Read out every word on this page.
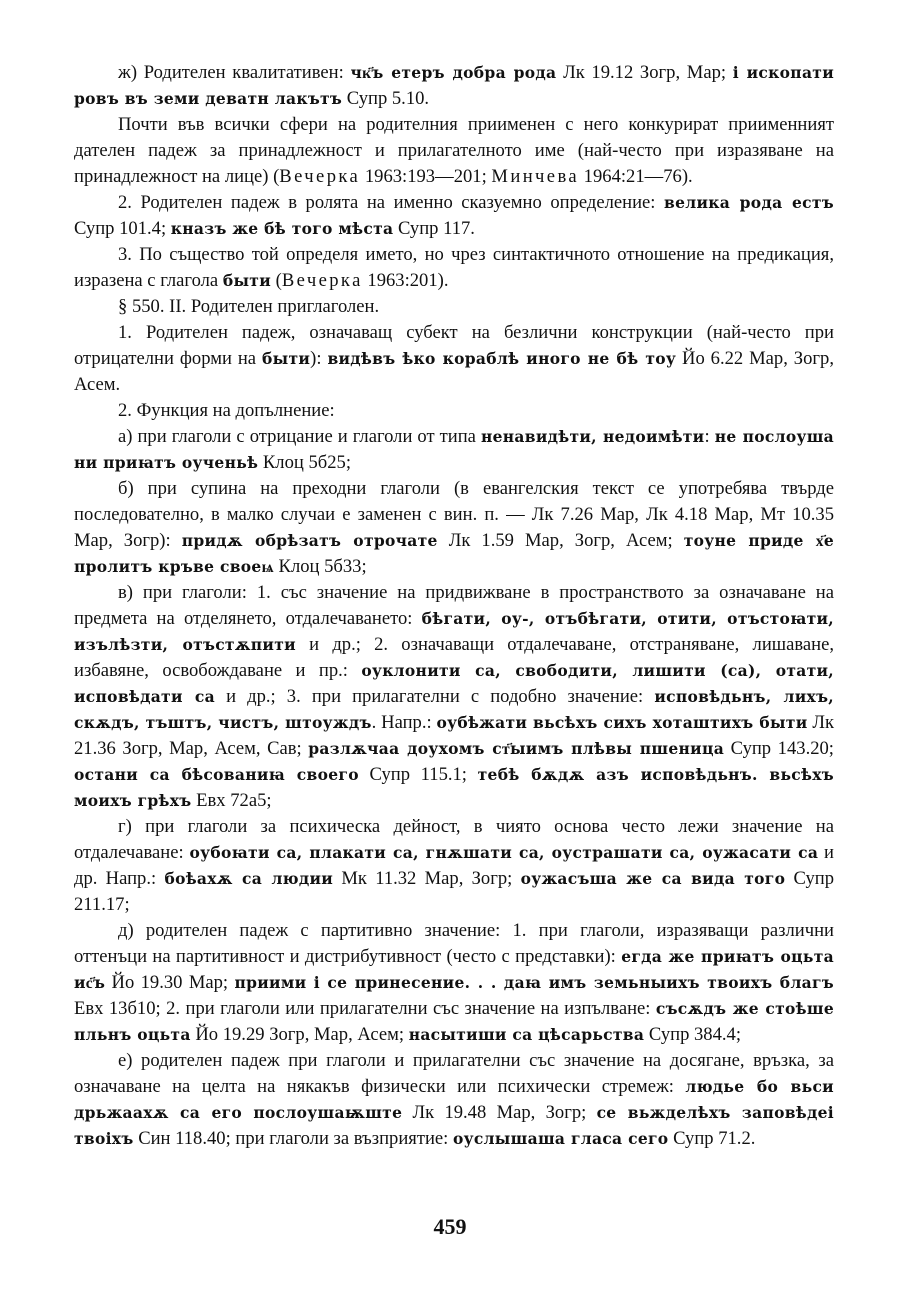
ж) Родителен квалитативен: чк҃ъ етеръ добра рода Лк 19.12 Зогр, Мар; і ископати ровъ въ земи деватн лакътъ Супр 5.10.

Почти във всички сфери на родителния приименен с него конкурират приименният дателен падеж за принадлежност и прилагателното име (най-често при изразяване на принадлежност на лице) (Вечерка 1963:193—201; Минчева 1964:21—76).

2. Родителен падеж в ролята на именно сказуемно определение: велика рода естъ Супр 101.4; кназъ же бѣ того мѣста Супр 117.

3. По същество той определя името, но чрез синтактичното отношение на предикация, изразена с глагола быти (Вечерка 1963:201).

§ 550. II. Родителен приглаголен.

1. Родителен падеж, означаващ субект на безлични конструкции (най-често при отрицателни форми на быти): видѣвъ ѣко кораблѣ иного не бѣ тоу Йо 6.22 Мар, Зогр, Асем.

2. Функция на допълнение:

а) при глаголи с отрицание и глаголи от типа ненавидѣти, недоимѣти: не послоуша ни приꙗтъ оученьѣ Клоц 5б25;

б) при супина на преходни глаголи (в евангелския текст се употребява твърде последователно, в малко случаи е заменен с вин. п. — Лк 7.26 Мар, Лк 4.18 Мар, Мт 10.35 Мар, Зогр): придѫ обрѣзатъ отрочате Лк 1.59 Мар, Зогр, Асем; тоуне приде х҃е пролитъ кръве своеѩ Клоц 5б33;

в) при глаголи: 1. със значение на придвижване в пространството за означаване на предмета на отделянето, отдалечаването: бѣгати, оу-, отъбѣгати, отити, отъстоꙗти, изълѣзти, отъстѫпити и др.; 2. означаващи отдалечаване, отстраняване, лишаване, избавяне, освобождаване и пр.: оуклонити са, свободити, лишити (са), отати, исповѣдати са и др.; 3. при прилагателни с подобно значение: исповѣдьнъ, лихъ, скѫдъ, тъштъ, чистъ, штоуждъ. Напр.: оубѣжати вьсѣхъ сихъ хоташтихъ быти Лк 21.36 Зогр, Мар, Асем, Сав; разлѫчаа доухомъ ст҃ыимъ плѣвы пшеница Супр 143.20; остани са бѣсованиꙗ своего Супр 115.1; тебѣ бѫдѫ азъ исповѣдьнъ. вьсѣхъ моихъ грѣхъ Евх 72а5;

г) при глаголи за психическа дейност, в чиято основа често лежи значение на отдалечаване: оубоꙗти са, плакати са, гнѫшати са, оустрашати са, оужасати са и др. Напр.: боѣахѫ са людии Мк 11.32 Мар, Зогр; оужасъша же са вида того Супр 211.17;

д) родителен падеж с партитивно значение: 1. при глаголи, изразяващи различни оттенъци на партитивност и дистрибутивност (често с представки): егда же приꙗтъ оцьта ис҃ъ Йо 19.30 Мар; приими і се принесение. . . даꙗ имъ земьныихъ твоихъ благъ Евх 13б10; 2. при глаголи или прилагателни със значение на изпълване: съсѫдъ же стоѣше пльнъ оцьта Йо 19.29 Зогр, Мар, Асем; насытиши са цѣсарьства Супр 384.4;

е) родителен падеж при глаголи и прилагателни със значение на досягане, връзка, за означаване на целта на някакъв физически или психически стремеж: людье бо вьси дрьжаахѫ са его послоушаѭште Лк 19.48 Мар, Зогр; се вьжделѣхъ заповѣдеі твоіхъ Син 118.40; при глаголи за възприятие: оуслышаша гласа сего Супр 71.2.

459
